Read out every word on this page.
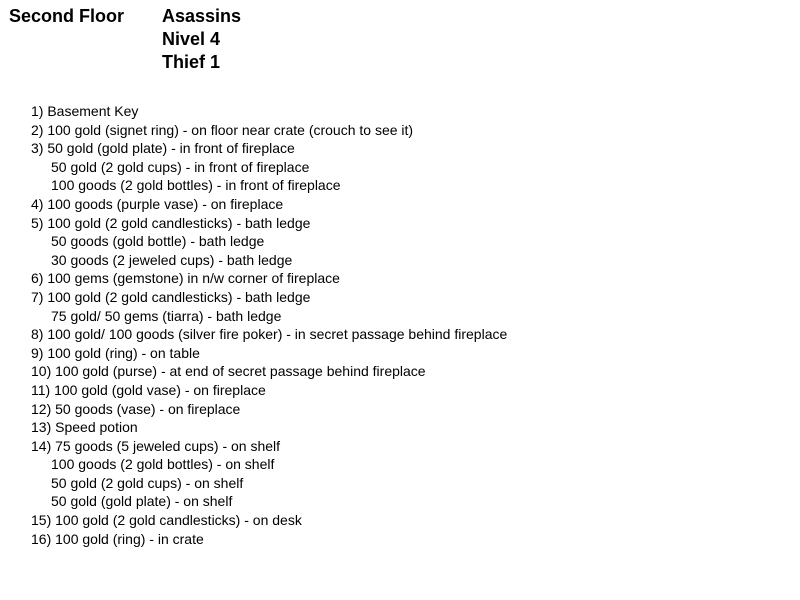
Second Floor Asassins
Nivel 4
Thief 1
1) Basement Key
2) 100 gold (signet ring) - on floor near crate (crouch to see it)
3) 50 gold (gold plate) - in front of fireplace
50 gold (2 gold cups) - in front of fireplace
100 goods (2 gold bottles) - in front of fireplace
4) 100 goods (purple vase) - on fireplace
5) 100 gold (2 gold candlesticks) - bath ledge
50 goods (gold bottle) - bath ledge
30 goods (2 jeweled cups) - bath ledge
6) 100 gems (gemstone) in n/w corner of fireplace
7) 100 gold (2 gold candlesticks) - bath ledge
75 gold/ 50 gems (tiarra) - bath ledge
8) 100 gold/ 100 goods (silver fire poker) - in secret passage behind fireplace
9) 100 gold (ring) - on table
10) 100 gold (purse) - at end of secret passage behind fireplace
11) 100 gold (gold vase) - on fireplace
12) 50 goods (vase) - on fireplace
13) Speed potion
14) 75 goods (5 jeweled cups) - on shelf
100 goods (2 gold bottles) - on shelf
50 gold (2 gold cups) - on shelf
50 gold (gold plate) - on shelf
15) 100 gold (2 gold candlesticks) - on desk
16) 100 gold (ring) - in crate
